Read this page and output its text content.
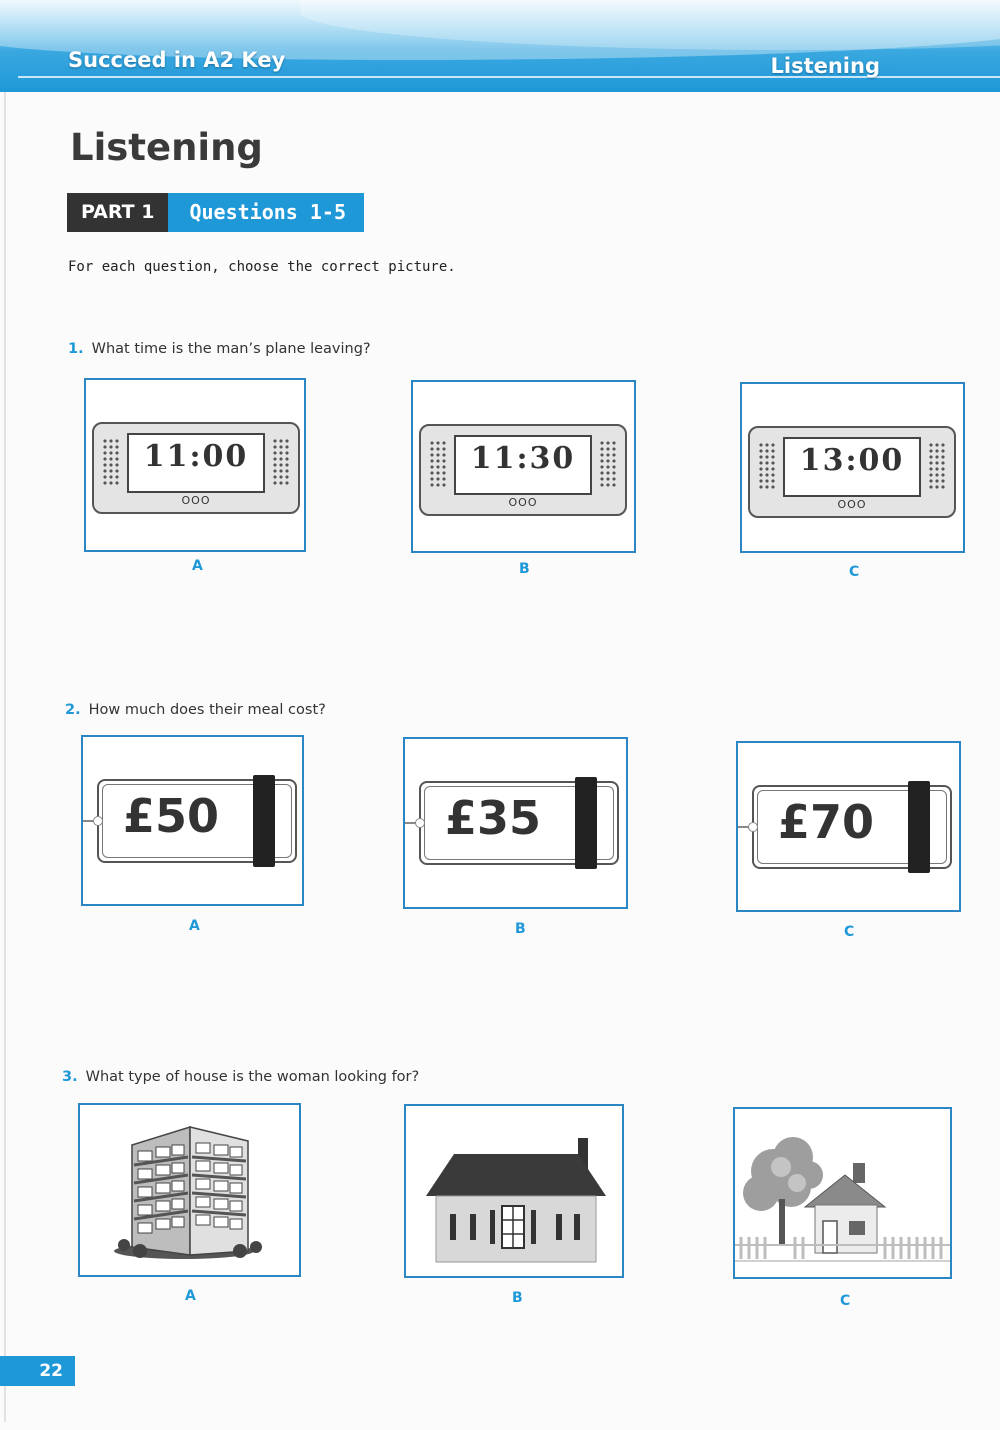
Succeed in A2 Key	Listening
Listening
PART 1	Questions 1-5
For each question, choose the correct picture.
1. What time is the man’s plane leaving?
11:00
OOO
A
11:30
OOO
B
13:00
OOO
C
2. How much does their meal cost?
£50
A
£35
B
£70
C
3. What type of house is the woman looking for?
A	B	C
22
